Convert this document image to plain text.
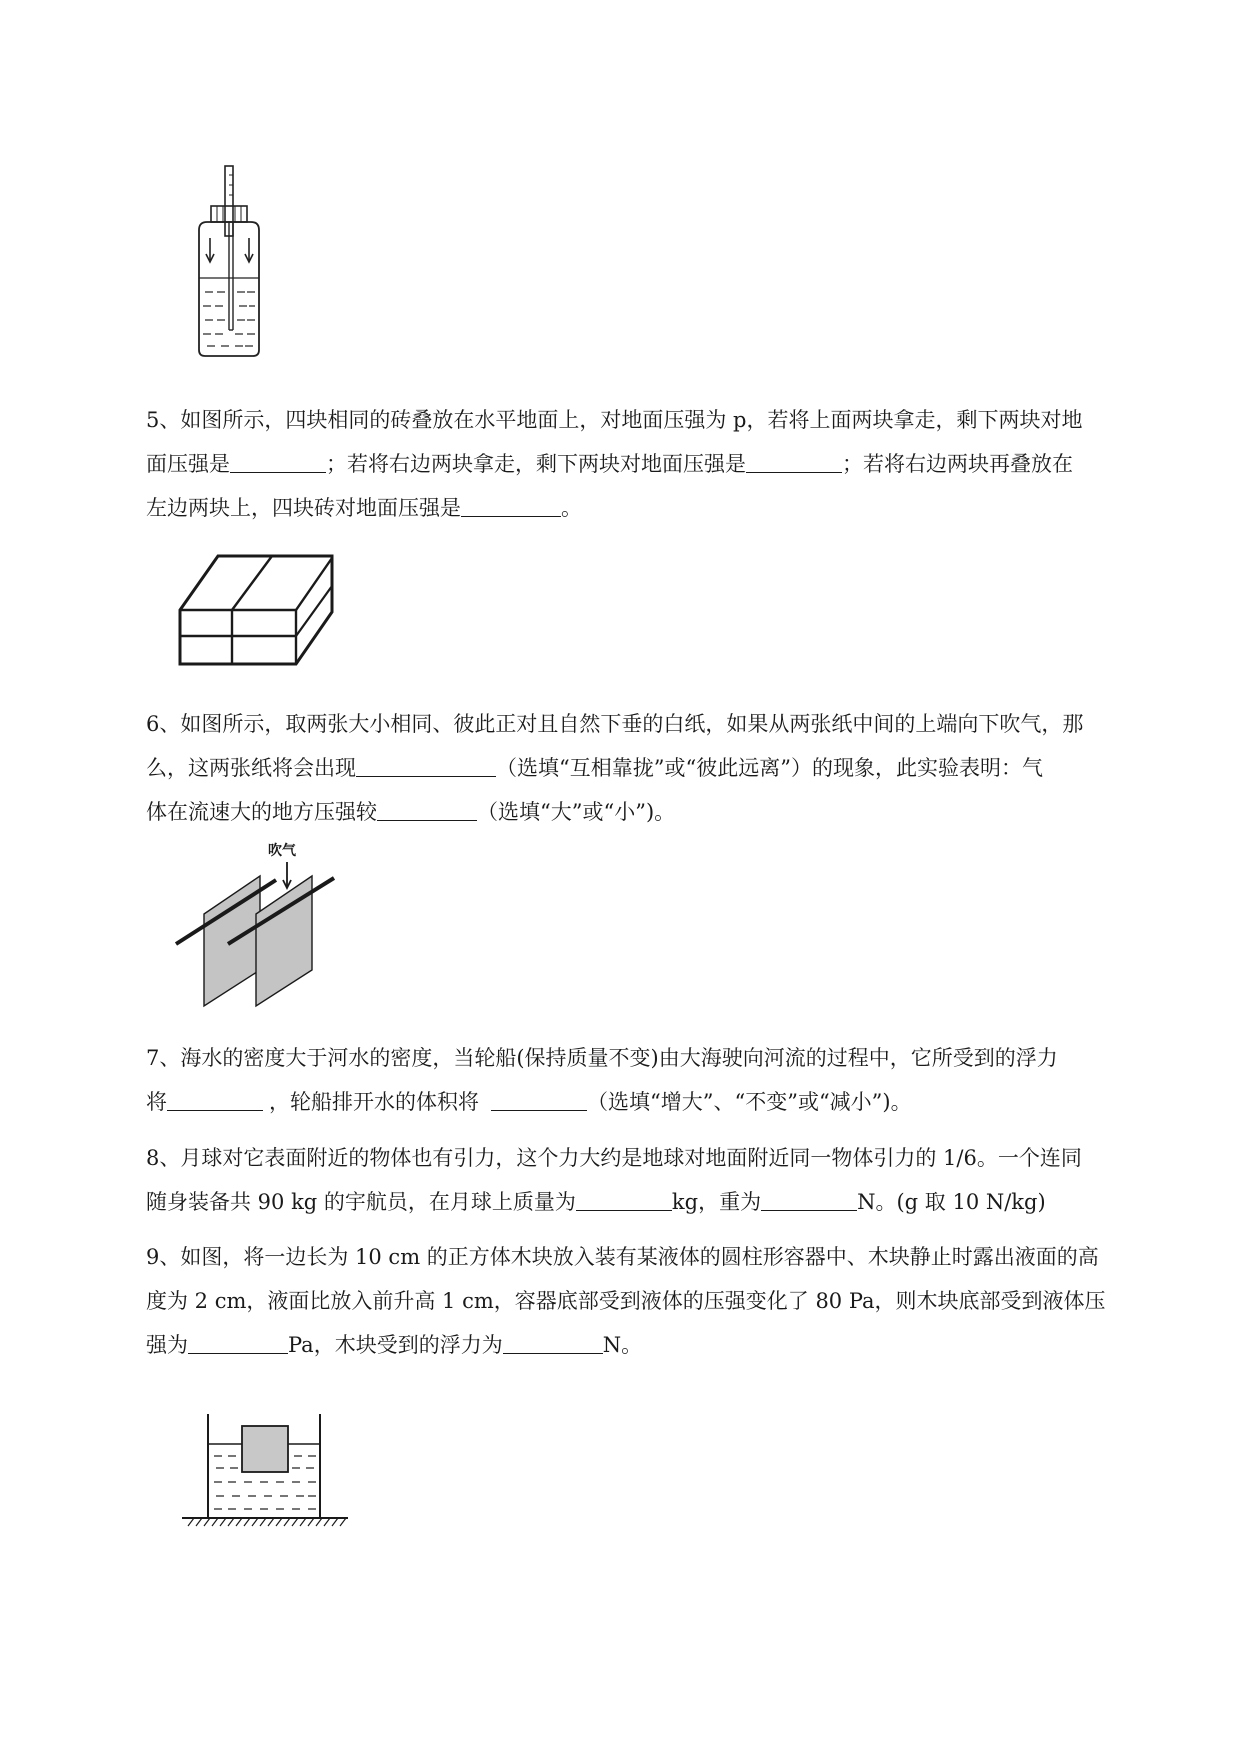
5、如图所示，四块相同的砖叠放在水平地面上，对地面压强为 p，若将上面两块拿走，剩下两块对地
面压强是	；若将右边两块拿走，剩下两块对地面压强是	；若将右边两块再叠放在
左边两块上，四块砖对地面压强是	。
6、如图所示，取两张大小相同、彼此正对且自然下垂的白纸，如果从两张纸中间的上端向下吹气，那
么，这两张纸将会出现	（选填“互相靠拢”或“彼此远离”）的现象，此实验表明：气
体在流速大的地方压强较	（选填“大”或“小”)。
吹气
7、海水的密度大于河水的密度，当轮船(保持质量不变)由大海驶向河流的过程中，它所受到的浮力
将	，轮船排开水的体积将	（选填“增大”、“不变”或“减小”)。
8、月球对它表面附近的物体也有引力，这个力大约是地球对地面附近同一物体引力的 1/6。一个连同
随身装备共 90 kg 的宇航员，在月球上质量为	kg，重为	N。(g 取 10 N/kg)
9、如图，将一边长为 10 cm 的正方体木块放入装有某液体的圆柱形容器中、木块静止时露出液面的高
度为 2 cm，液面比放入前升高 1 cm，容器底部受到液体的压强变化了 80 Pa，则木块底部受到液体压
强为	Pa，木块受到的浮力为	N。
